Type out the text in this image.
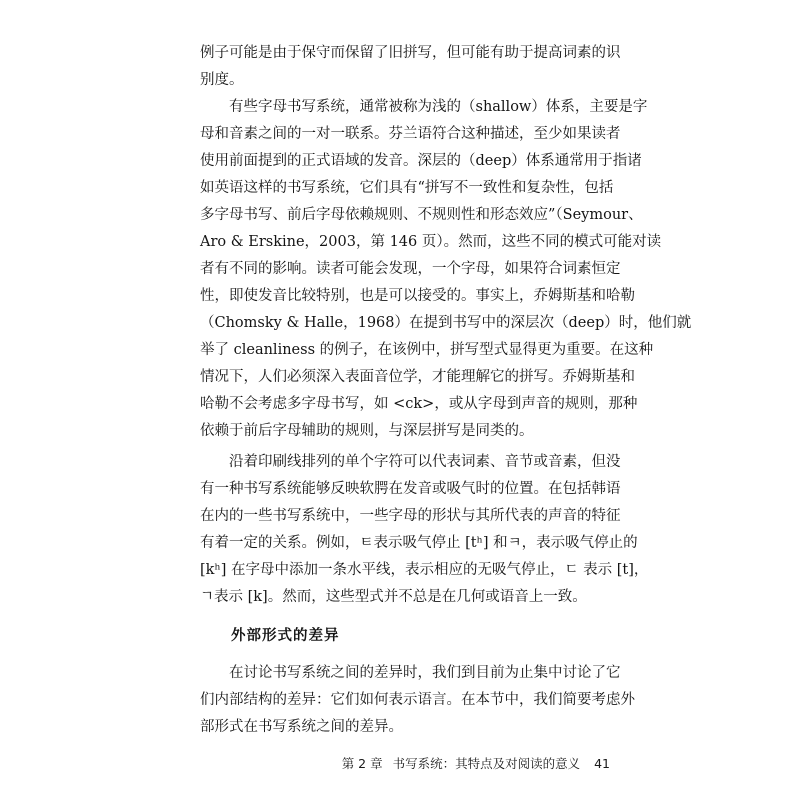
例子可能是由于保守而保留了旧拼写，但可能有助于提高词素的识
别度。
　　有些字母书写系统，通常被称为浅的（shallow）体系，主要是字
母和音素之间的一对一联系。芬兰语符合这种描述，至少如果读者
使用前面提到的正式语域的发音。深层的（deep）体系通常用于指诸
如英语这样的书写系统，它们具有“拼写不一致性和复杂性，包括
多字母书写、前后字母依赖规则、不规则性和形态效应”（Seymour、
Aro & Erskine，2003，第 146 页）。然而，这些不同的模式可能对读
者有不同的影响。读者可能会发现，一个字母，如果符合词素恒定
性，即使发音比较特别，也是可以接受的。事实上，乔姆斯基和哈勒
（Chomsky & Halle，1968）在提到书写中的深层次（deep）时，他们就
举了 cleanliness 的例子，在该例中，拼写型式显得更为重要。在这种
情况下，人们必须深入表面音位学，才能理解它的拼写。乔姆斯基和
哈勒不会考虑多字母书写，如 <ck>，或从字母到声音的规则，那种
依赖于前后字母辅助的规则，与深层拼写是同类的。
　　沿着印刷线排列的单个字符可以代表词素、音节或音素，但没
有一种书写系统能够反映软腭在发音或吸气时的位置。在包括韩语
在内的一些书写系统中，一些字母的形状与其所代表的声音的特征
有着一定的关系。例如，ㅌ表示吸气停止 [tʰ] 和ㅋ，表示吸气停止的
[kʰ] 在字母中添加一条水平线，表示相应的无吸气停止，ㄷ 表示 [t]，
ㄱ表示 [k]。然而，这些型式并不总是在几何或语音上一致。
　　外部形式的差异
　　在讨论书写系统之间的差异时，我们到目前为止集中讨论了它
们内部结构的差异：它们如何表示语言。在本节中，我们简要考虑外
部形式在书写系统之间的差异。
第 2 章 书写系统：其特点及对阅读的意义 41
